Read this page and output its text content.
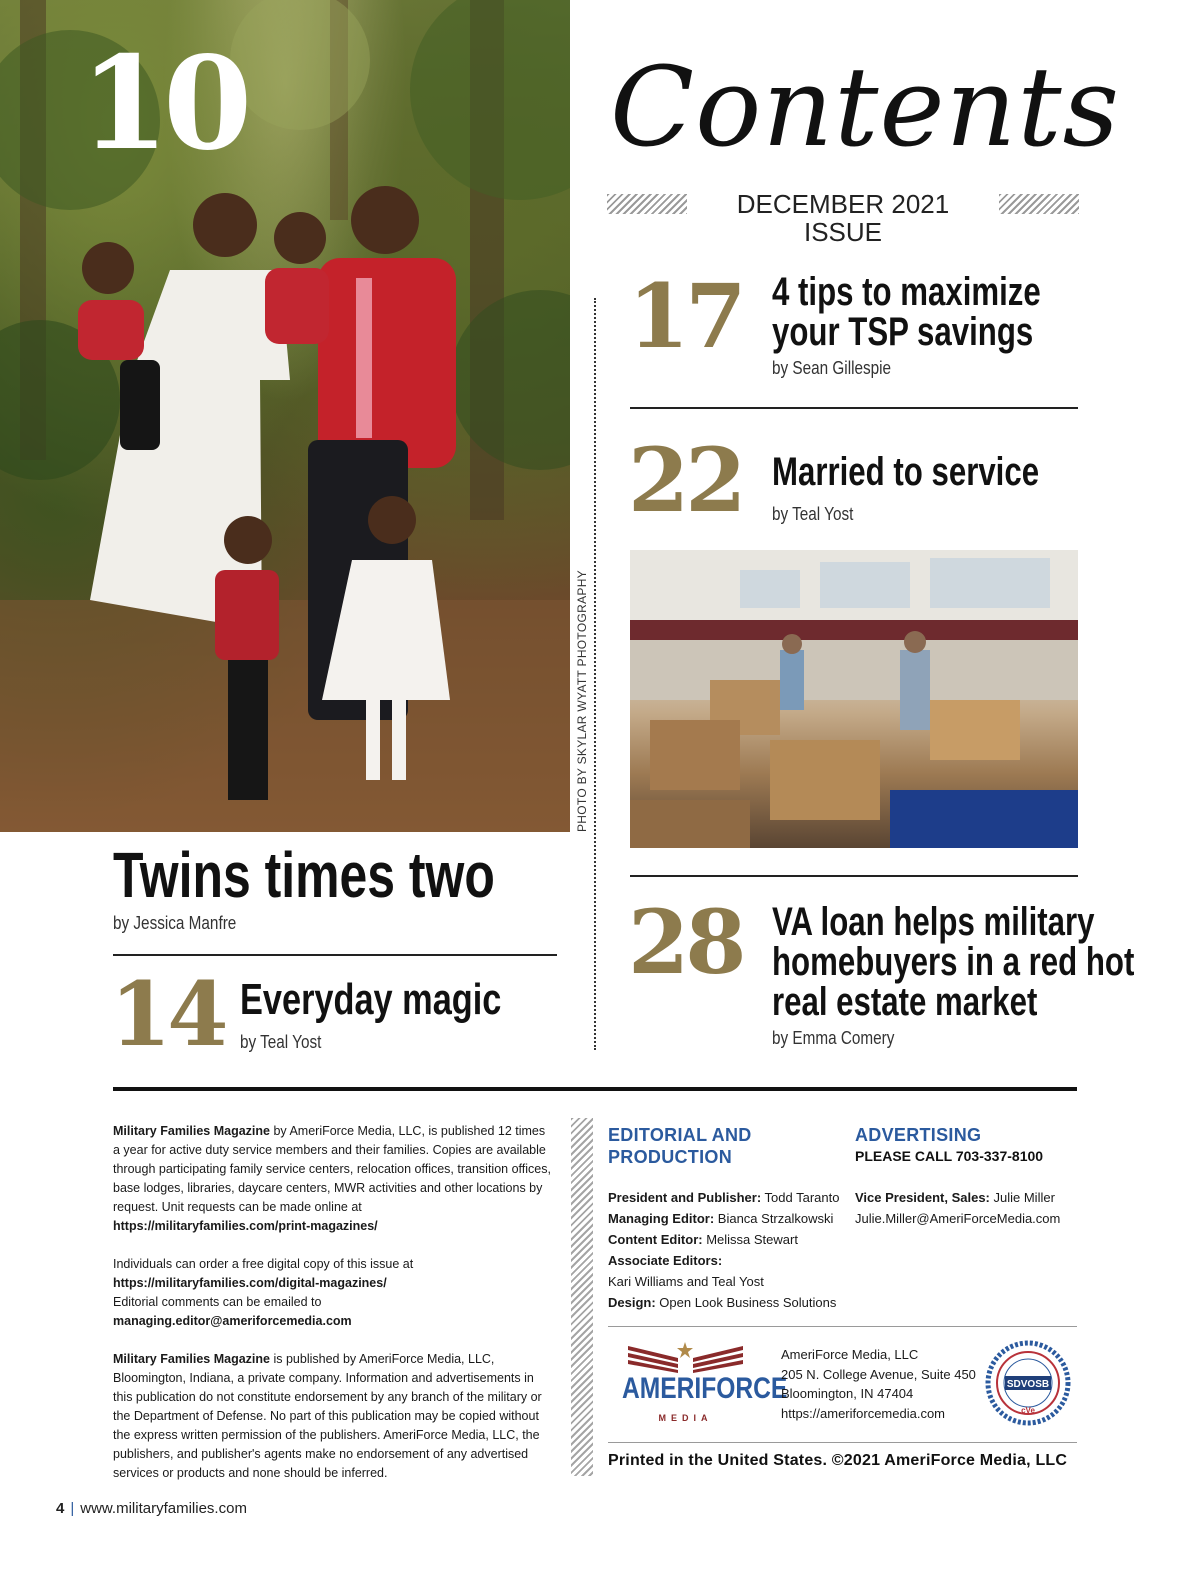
10
PHOTO BY SKYLAR WYATT PHOTOGRAPHY
Twins times two
by Jessica Manfre
14 Everyday magic
by Teal Yost
Contents
DECEMBER 2021 ISSUE
17 4 tips to maximize
your TSP savings
by Sean Gillespie
22 Married to service
by Teal Yost
28 VA loan helps military
homebuyers in a red hot
real estate market
by Emma Comery

Military Families Magazine by AmeriForce Media, LLC, is published 12 times a year for active duty service members and their families. Copies are available through participating family service centers, relocation offices, transition offices, base lodges, libraries, daycare centers, MWR activities and other locations by request. Unit requests can be made online at https://militaryfamilies.com/print-magazines/

Individuals can order a free digital copy of this issue at
https://militaryfamilies.com/digital-magazines/
Editorial comments can be emailed to
managing.editor@ameriforcemedia.com

Military Families Magazine is published by AmeriForce Media, LLC, Bloomington, Indiana, a private company. Information and advertisements in this publication do not constitute endorsement by any branch of the military or the Department of Defense. No part of this publication may be copied without the express written permission of the publishers. AmeriForce Media, LLC, the publishers, and publisher's agents make no endorsement of any advertised services or products and none should be inferred.

EDITORIAL AND
PRODUCTION
President and Publisher: Todd Taranto
Managing Editor: Bianca Strzalkowski
Content Editor: Melissa Stewart
Associate Editors:
Kari Williams and Teal Yost
Design: Open Look Business Solutions
ADVERTISING
PLEASE CALL 703-337-8100
Vice President, Sales: Julie Miller
Julie.Miller@AmeriForceMedia.com
AMERIFORCE
MEDIA
AmeriForce Media, LLC
205 N. College Avenue, Suite 450
Bloomington, IN 47404
https://ameriforcemedia.com
SDVOSB
cVe
Printed in the United States. ©2021 AmeriForce Media, LLC
4 | www.militaryfamilies.com
